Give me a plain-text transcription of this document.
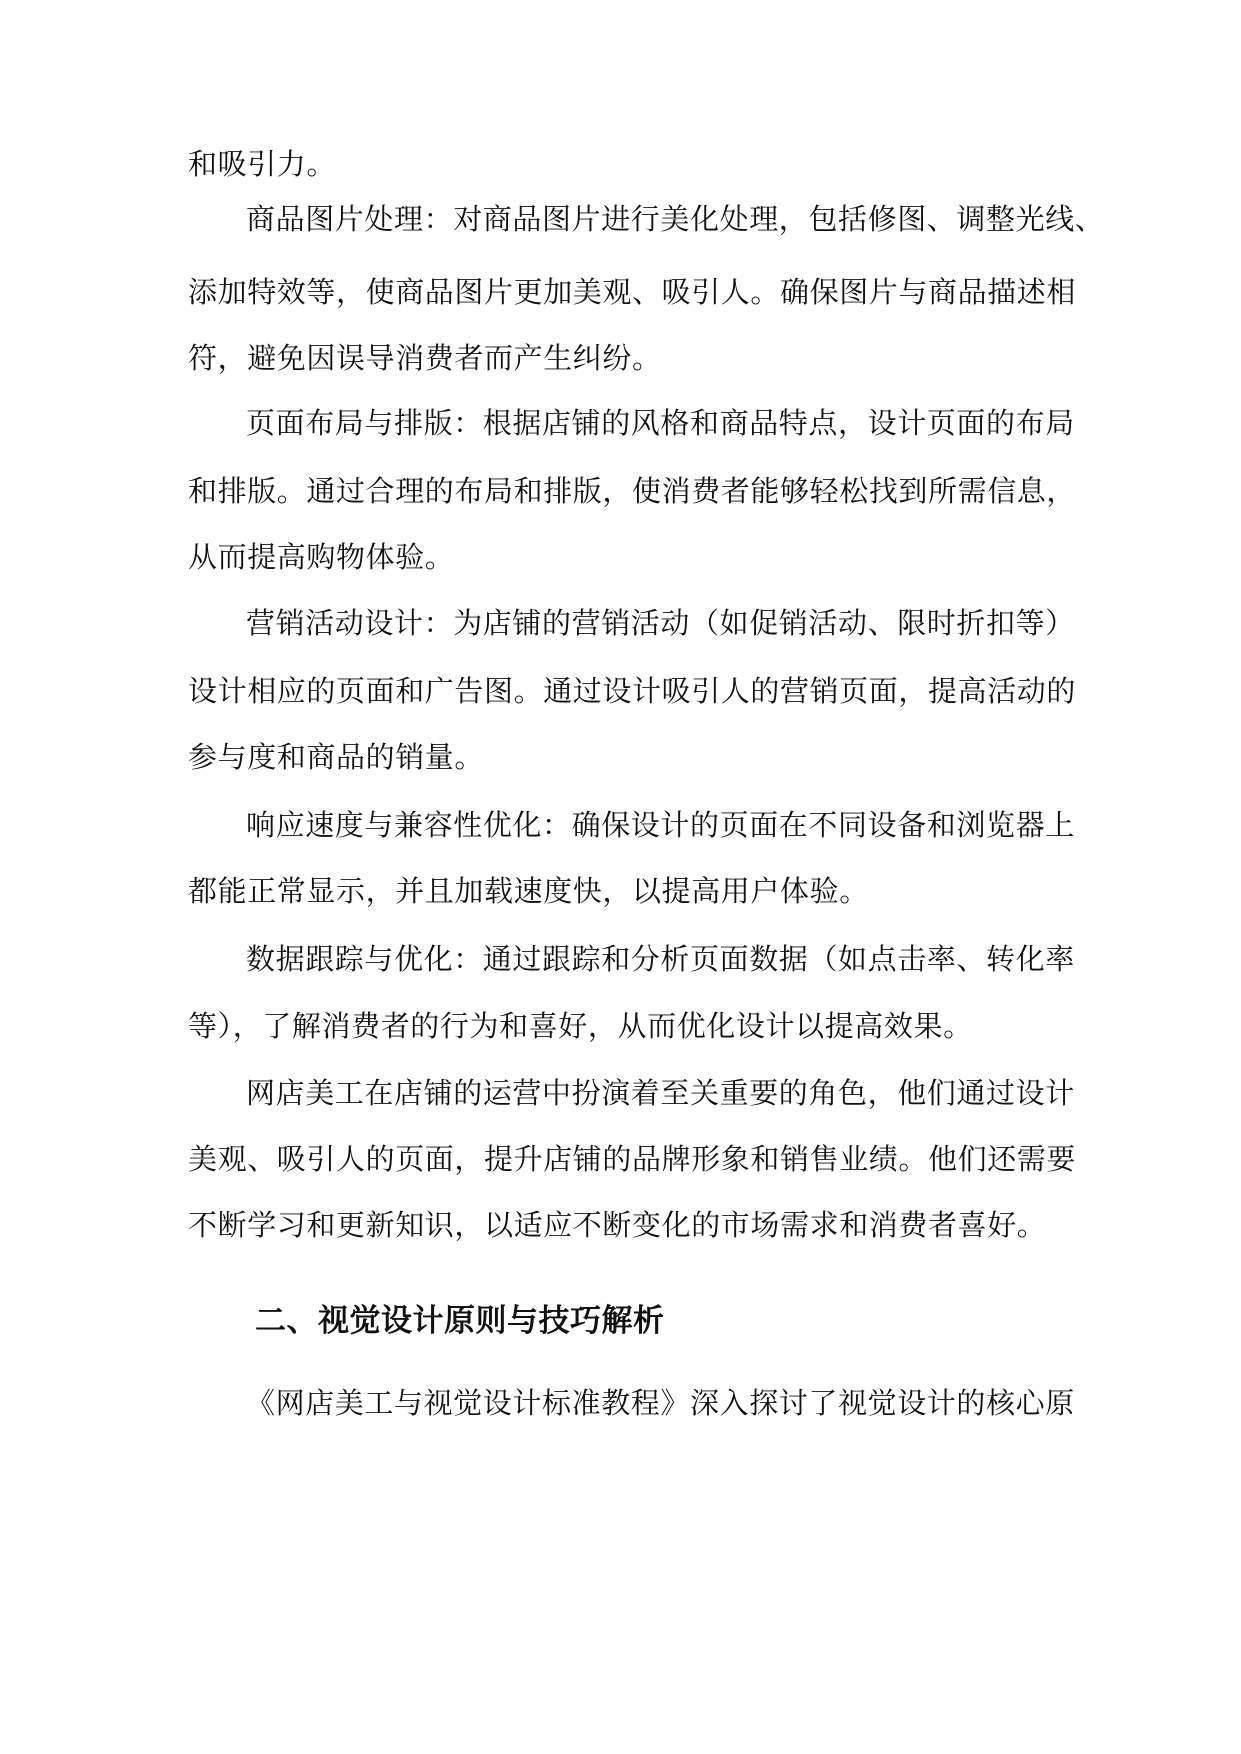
和吸引力。
商品图片处理：对商品图片进行美化处理，包括修图、调整光线、
添加特效等，使商品图片更加美观、吸引人。确保图片与商品描述相
符，避免因误导消费者而产生纠纷。
页面布局与排版：根据店铺的风格和商品特点，设计页面的布局
和排版。通过合理的布局和排版，使消费者能够轻松找到所需信息，
从而提高购物体验。
营销活动设计：为店铺的营销活动（如促销活动、限时折扣等）
设计相应的页面和广告图。通过设计吸引人的营销页面，提高活动的
参与度和商品的销量。
响应速度与兼容性优化：确保设计的页面在不同设备和浏览器上
都能正常显示，并且加载速度快，以提高用户体验。
数据跟踪与优化：通过跟踪和分析页面数据（如点击率、转化率
等），了解消费者的行为和喜好，从而优化设计以提高效果。
网店美工在店铺的运营中扮演着至关重要的角色，他们通过设计
美观、吸引人的页面，提升店铺的品牌形象和销售业绩。他们还需要
不断学习和更新知识，以适应不断变化的市场需求和消费者喜好。
二、视觉设计原则与技巧解析
《网店美工与视觉设计标准教程》深入探讨了视觉设计的核心原
